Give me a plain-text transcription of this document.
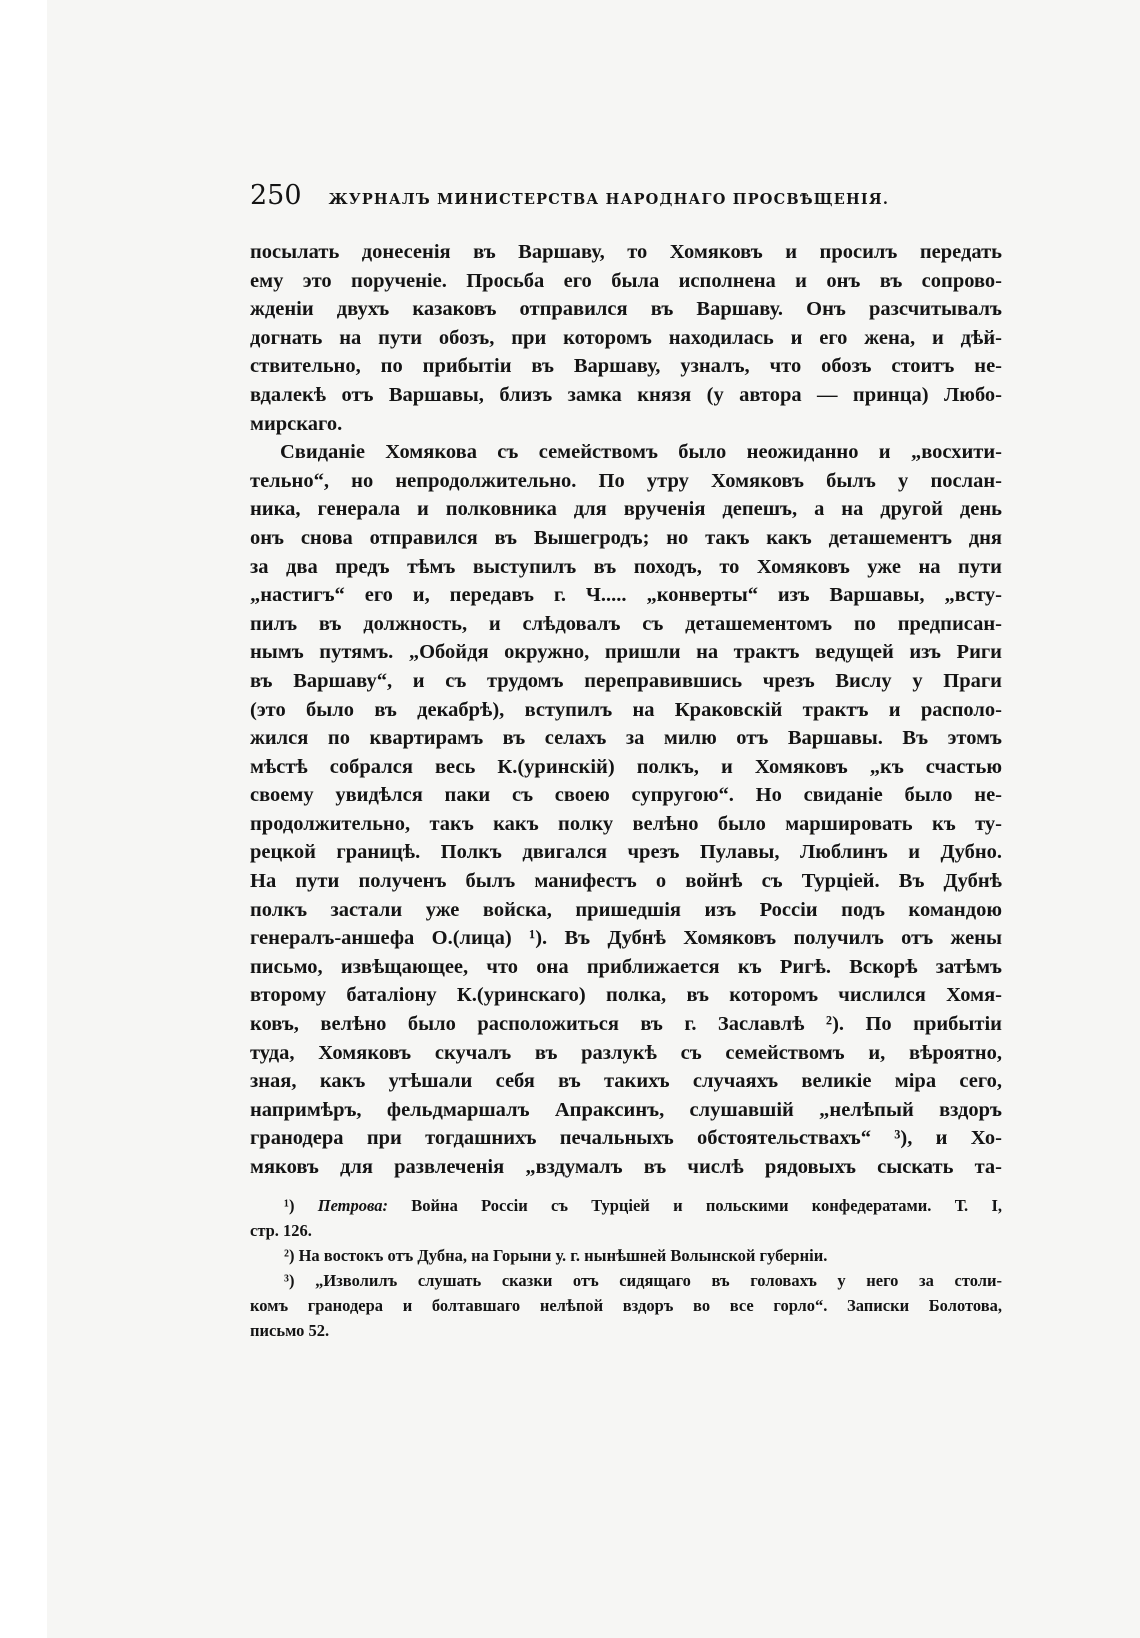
250 ЖУРНАЛЪ МИНИСТЕРСТВА НАРОДНАГО ПРОСВѢЩЕНІЯ.
посылать донесенія въ Варшаву, то Хомяковъ и просилъ передать
ему это порученіе. Просьба его была исполнена и онъ въ сопрово-
жденіи двухъ казаковъ отправился въ Варшаву. Онъ разсчитывалъ
догнать на пути обозъ, при которомъ находилась и его жена, и дѣй-
ствительно, по прибытіи въ Варшаву, узналъ, что обозъ стоитъ не-
вдалекѣ отъ Варшавы, близъ замка князя (у автора — принца) Любо-
мирскаго.
Свиданіе Хомякова съ семействомъ было неожиданно и „восхити-
тельно“, но непродолжительно. По утру Хомяковъ былъ у послан-
ника, генерала и полковника для врученія депешъ, а на другой день
онъ снова отправился въ Вышегродъ; но такъ какъ деташементъ дня
за два предъ тѣмъ выступилъ въ походъ, то Хомяковъ уже на пути
„настигъ“ его и, передавъ г. Ч..... „конверты“ изъ Варшавы, „всту-
пилъ въ должность, и слѣдовалъ съ деташементомъ по предписан-
нымъ путямъ. „Обойдя окружно, пришли на трактъ ведущей изъ Риги
въ Варшаву“, и съ трудомъ переправившись чрезъ Вислу у Праги
(это было въ декабрѣ), вступилъ на Краковскій трактъ и располо-
жился по квартирамъ въ селахъ за милю отъ Варшавы. Въ этомъ
мѣстѣ собрался весь К.(уринскій) полкъ, и Хомяковъ „къ счастью
своему увидѣлся паки съ своею супругою“. Но свиданіе было не-
продолжительно, такъ какъ полку велѣно было маршировать къ ту-
рецкой границѣ. Полкъ двигался чрезъ Пулавы, Люблинъ и Дубно.
На пути полученъ былъ манифестъ о войнѣ съ Турціей. Въ Дубнѣ
полкъ застали уже войска, пришедшія изъ Россіи подъ командою
генералъ-аншефа О.(лица) ¹). Въ Дубнѣ Хомяковъ получилъ отъ жены
письмо, извѣщающее, что она приближается къ Ригѣ. Вскорѣ затѣмъ
второму баталіону К.(уринскаго) полка, въ которомъ числился Хомя-
ковъ, велѣно было расположиться въ г. Заславлѣ ²). По прибытіи
туда, Хомяковъ скучалъ въ разлукѣ съ семействомъ и, вѣроятно,
зная, какъ утѣшали себя въ такихъ случаяхъ великіе міра сего,
напримѣръ, фельдмаршалъ Апраксинъ, слушавшій „нелѣпый вздоръ
гранодера при тогдашнихъ печальныхъ обстоятельствахъ“ ³), и Хо-
мяковъ для развлеченія „вздумалъ въ числѣ рядовыхъ сыскать та-
¹) Петрова: Война Россіи съ Турціей и польскими конфедератами. Т. I,
стр. 126.
²) На востокъ отъ Дубна, на Горыни у. г. нынѣшней Волынской губерніи.
³) „Изволилъ слушать сказки отъ сидящаго въ головахъ у него за столи-
комъ гранодера и болтавшаго нелѣпой вздоръ во все горло“. Записки Болотова,
письмо 52.
